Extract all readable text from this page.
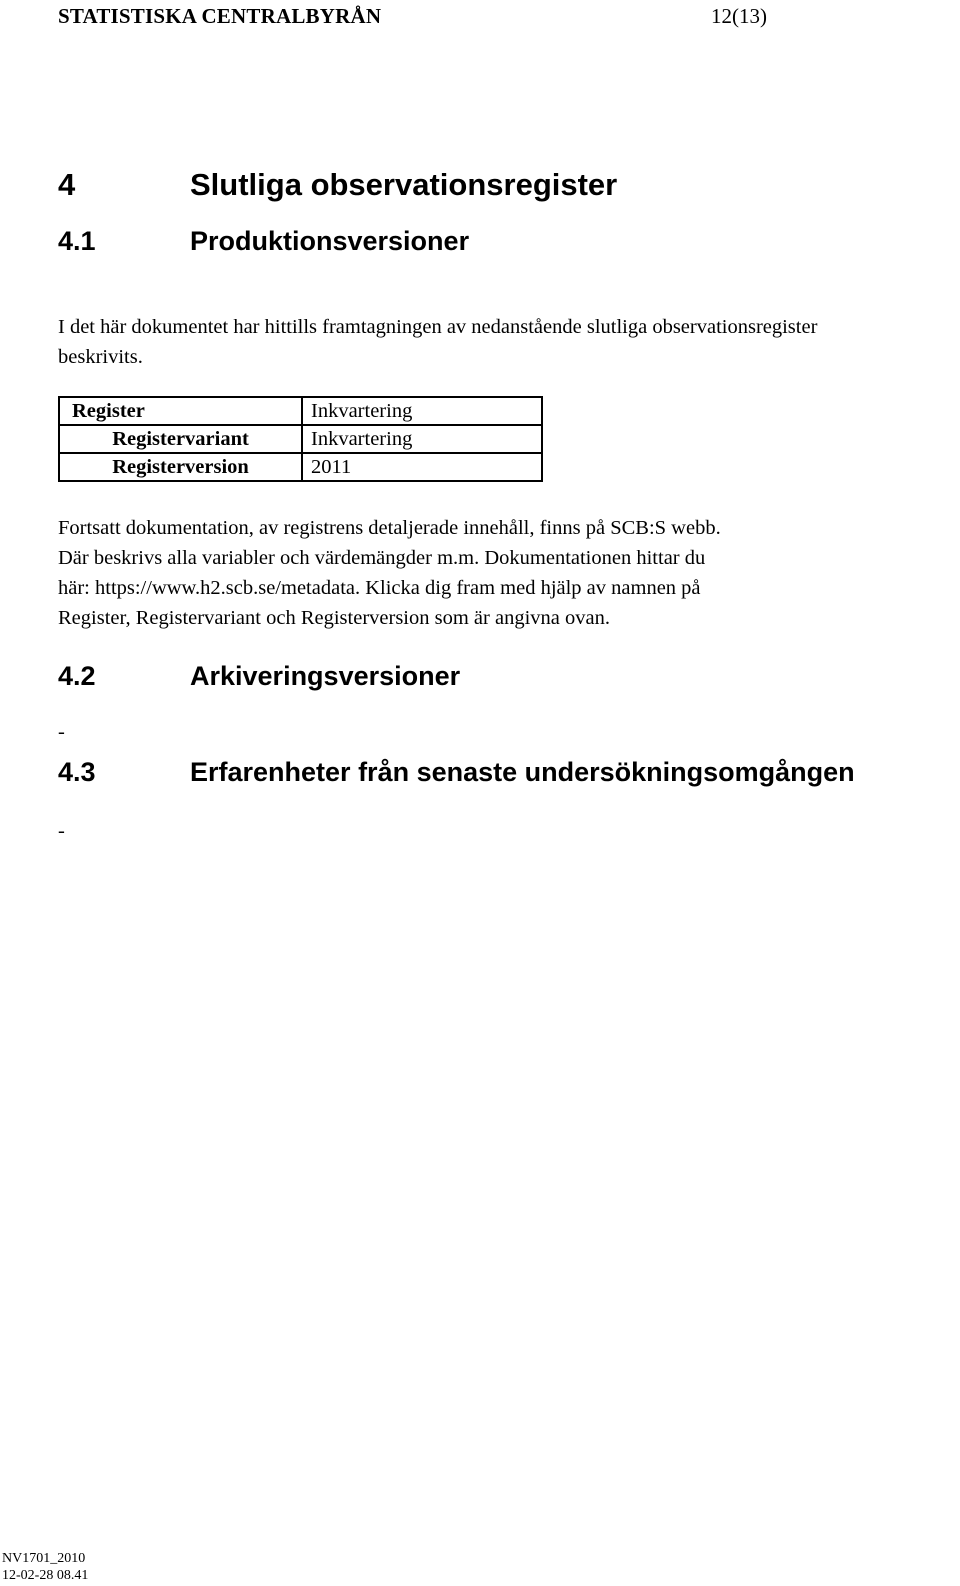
STATISTISKA CENTRALBYRÅN	12(13)
4	Slutliga observationsregister
4.1	Produktionsversioner
I det här dokumentet har hittills framtagningen av nedanstående slutliga observationsregister
beskrivits.
Register	Inkvartering
Registervariant	Inkvartering
Registerversion	2011
Fortsatt dokumentation, av registrens detaljerade innehåll, finns på SCB:S webb.
Där beskrivs alla variabler och värdemängder m.m. Dokumentationen hittar du
här: https://www.h2.scb.se/metadata. Klicka dig fram med hjälp av namnen på
Register, Registervariant och Registerversion som är angivna ovan.
4.2	Arkiveringsversioner
-
4.3	Erfarenheter från senaste undersökningsomgången
-
NV1701_2010
12-02-28 08.41
